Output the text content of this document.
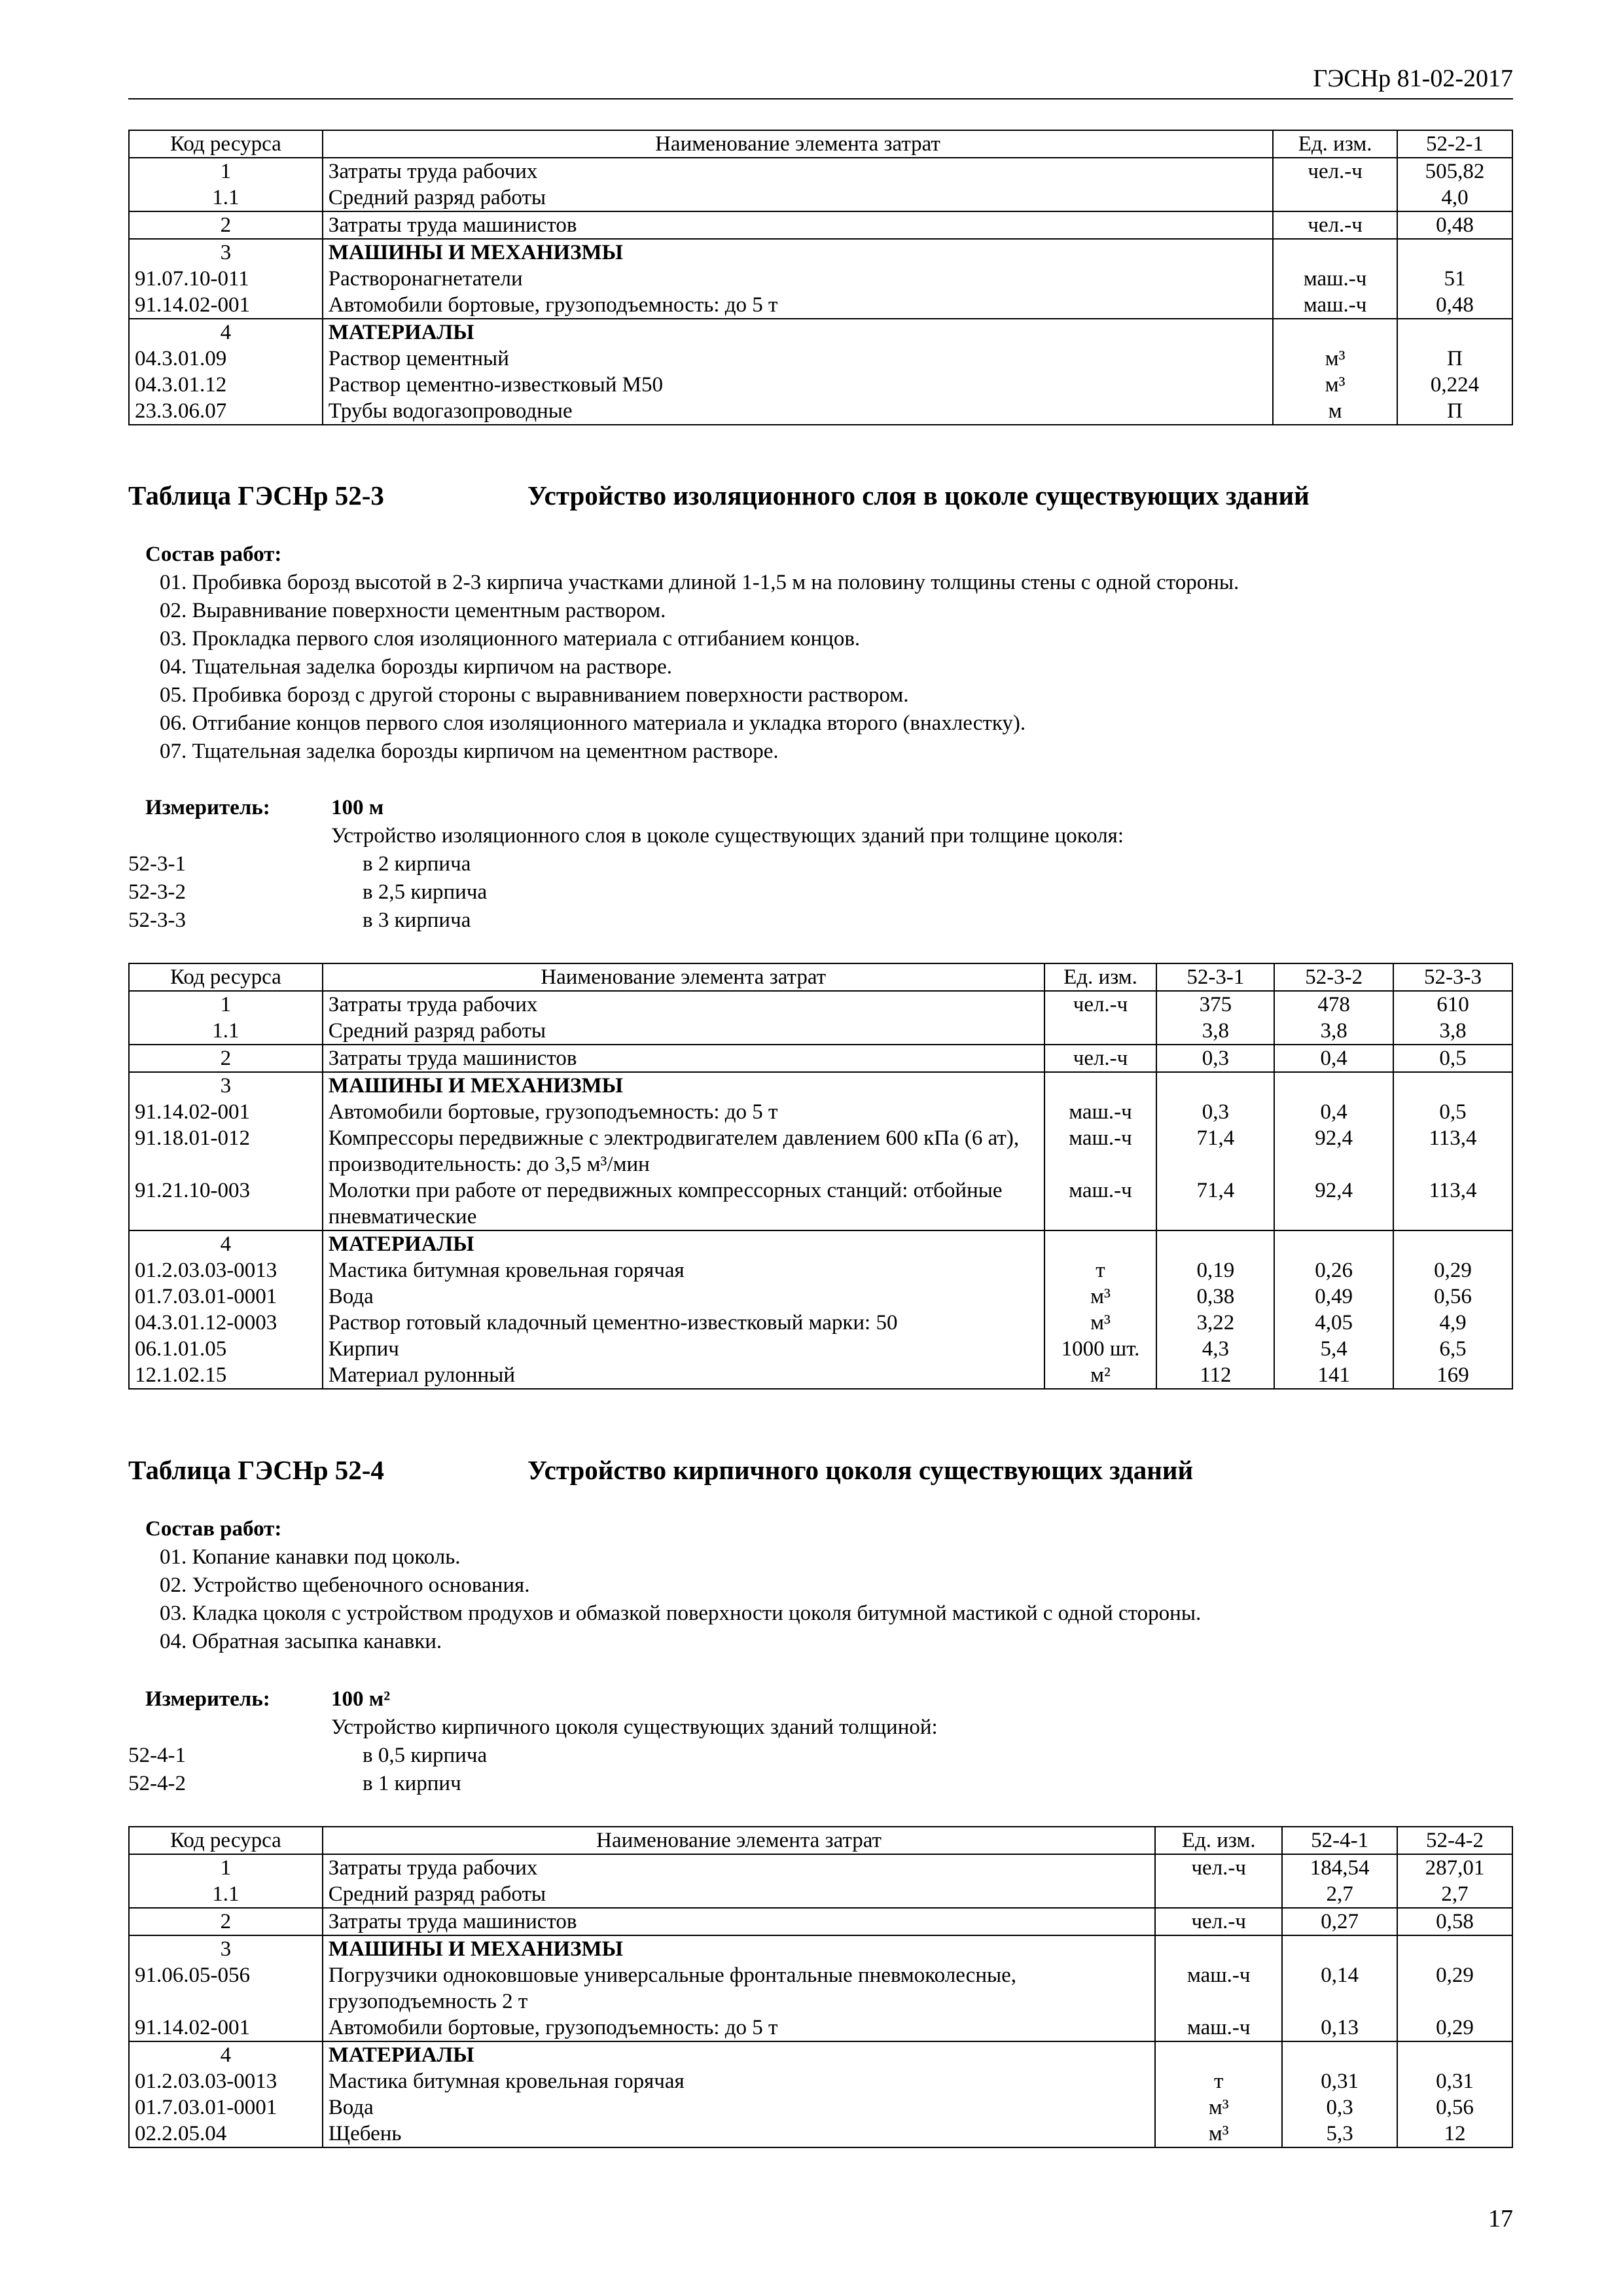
ГЭСНр 81-02-2017
Код ресурса	Наименование элемента затрат	Ед. изм.	52-2-1
1	Затраты труда рабочих	чел.-ч	505,82
1.1	Средний разряд работы		4,0
2	Затраты труда машинистов	чел.-ч	0,48
3	МАШИНЫ И МЕХАНИЗМЫ		
91.07.10-011	Растворонагнетатели	маш.-ч	51
91.14.02-001	Автомобили бортовые, грузоподъемность: до 5 т	маш.-ч	0,48
4	МАТЕРИАЛЫ		
04.3.01.09	Раствор цементный	м³	П
04.3.01.12	Раствор цементно-известковый М50	м³	0,224
23.3.06.07	Трубы водогазопроводные	м	П
Таблица ГЭСНр 52-3	Устройство изоляционного слоя в цоколе существующих зданий
Состав работ:
01. Пробивка борозд высотой в 2-3 кирпича участками длиной 1-1,5 м на половину толщины стены с одной стороны.
02. Выравнивание поверхности цементным раствором.
03. Прокладка первого слоя изоляционного материала с отгибанием концов.
04. Тщательная заделка борозды кирпичом на растворе.
05. Пробивка борозд с другой стороны с выравниванием поверхности раствором.
06. Отгибание концов первого слоя изоляционного материала и укладка второго (внахлестку).
07. Тщательная заделка борозды кирпичом на цементном растворе.
Измеритель:	100 м
Устройство изоляционного слоя в цоколе существующих зданий при толщине цоколя:
52-3-1	в 2 кирпича
52-3-2	в 2,5 кирпича
52-3-3	в 3 кирпича
Код ресурса	Наименование элемента затрат	Ед. изм.	52-3-1	52-3-2	52-3-3
1	Затраты труда рабочих	чел.-ч	375	478	610
1.1	Средний разряд работы		3,8	3,8	3,8
2	Затраты труда машинистов	чел.-ч	0,3	0,4	0,5
3	МАШИНЫ И МЕХАНИЗМЫ				
91.14.02-001	Автомобили бортовые, грузоподъемность: до 5 т	маш.-ч	0,3	0,4	0,5
91.18.01-012	Компрессоры передвижные с электродвигателем давлением 600 кПа (6 ат), производительность: до 3,5 м³/мин	маш.-ч	71,4	92,4	113,4
91.21.10-003	Молотки при работе от передвижных компрессорных станций: отбойные пневматические	маш.-ч	71,4	92,4	113,4
4	МАТЕРИАЛЫ				
01.2.03.03-0013	Мастика битумная кровельная горячая	т	0,19	0,26	0,29
01.7.03.01-0001	Вода	м³	0,38	0,49	0,56
04.3.01.12-0003	Раствор готовый кладочный цементно-известковый марки: 50	м³	3,22	4,05	4,9
06.1.01.05	Кирпич	1000 шт.	4,3	5,4	6,5
12.1.02.15	Материал рулонный	м²	112	141	169
Таблица ГЭСНр 52-4	Устройство кирпичного цоколя существующих зданий
Состав работ:
01. Копание канавки под цоколь.
02. Устройство щебеночного основания.
03. Кладка цоколя с устройством продухов и обмазкой поверхности цоколя битумной мастикой с одной стороны.
04. Обратная засыпка канавки.
Измеритель:	100 м²
Устройство кирпичного цоколя существующих зданий толщиной:
52-4-1	в 0,5 кирпича
52-4-2	в 1 кирпич
Код ресурса	Наименование элемента затрат	Ед. изм.	52-4-1	52-4-2
1	Затраты труда рабочих	чел.-ч	184,54	287,01
1.1	Средний разряд работы		2,7	2,7
2	Затраты труда машинистов	чел.-ч	0,27	0,58
3	МАШИНЫ И МЕХАНИЗМЫ			
91.06.05-056	Погрузчики одноковшовые универсальные фронтальные пневмоколесные, грузоподъемность 2 т	маш.-ч	0,14	0,29
91.14.02-001	Автомобили бортовые, грузоподъемность: до 5 т	маш.-ч	0,13	0,29
4	МАТЕРИАЛЫ			
01.2.03.03-0013	Мастика битумная кровельная горячая	т	0,31	0,31
01.7.03.01-0001	Вода	м³	0,3	0,56
02.2.05.04	Щебень	м³	5,3	12
17
